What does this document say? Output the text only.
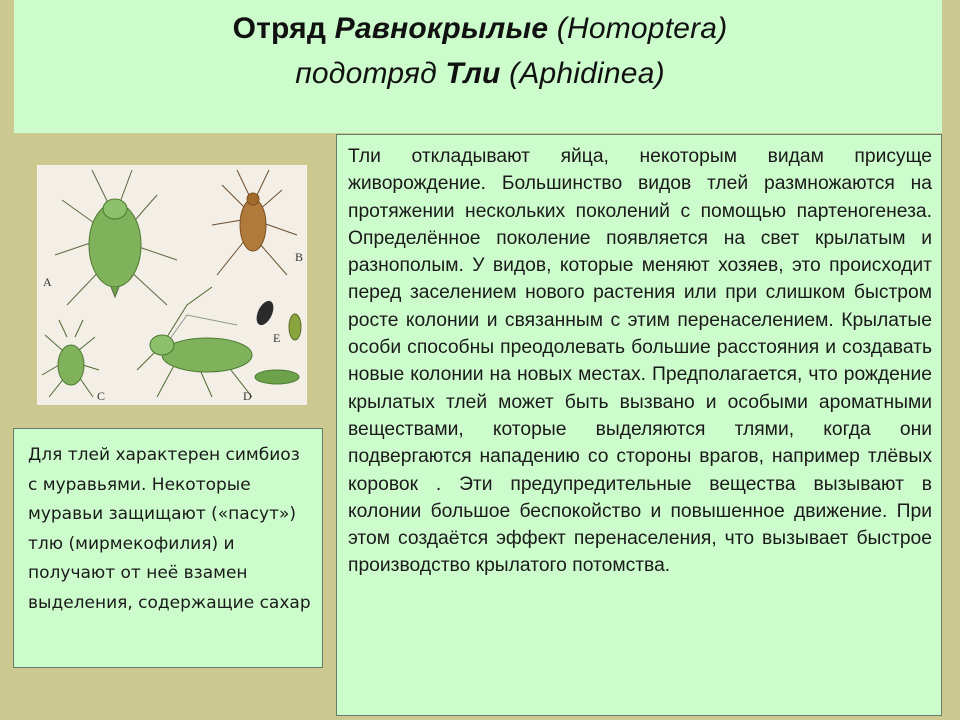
Отряд Равнокрылые (Homoptera)
подотряд Тли (Aphidinea)
A
B
C	D
E
Тли откладывают яйца, некоторым видам присуще живорождение. Большинство видов тлей размножаются на протяжении нескольких поколений с помощью партеногенеза. Определённое поколение появляется на свет крылатым и разнополым. У видов, которые меняют хозяев, это происходит перед заселением нового растения или при слишком быстром росте колонии и связанным с этим перенаселением. Крылатые особи способны преодолевать большие расстояния и создавать новые колонии на новых местах. Предполагается, что рождение крылатых тлей может быть вызвано и особыми ароматными веществами, которые выделяются тлями, когда они подвергаются нападению со стороны врагов, например тлёвых коровок . Эти предупредительные вещества вызывают в колонии большое беспокойство и повышенное движение. При этом создаётся эффект перенаселения, что вызывает быстрое производство крылатого потомства.
Для тлей характерен симбиоз с муравьями. Некоторые муравьи защищают («пасут») тлю (мирмекофилия) и получают от неё взамен выделения, содержащие сахар
